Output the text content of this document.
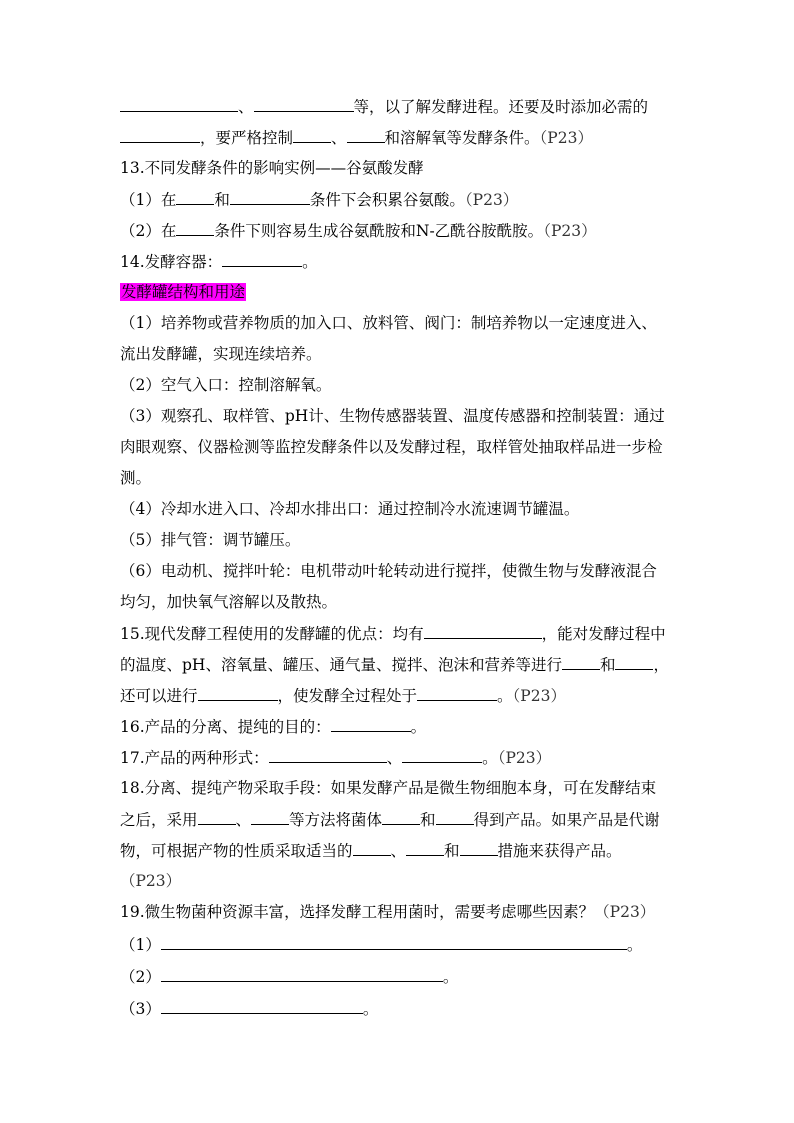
、	等，以了解发酵进程。还要及时添加必需的
，要严格控制 、 和溶解氧等发酵条件。（P23）
13.不同发酵条件的影响实例——谷氨酸发酵
（1）在 和	条件下会积累谷氨酸。（P23）
（2）在 条件下则容易生成谷氨酰胺和N-乙酰谷胺酰胺。（P23）
14.发酵容器：	。
发酵罐结构和用途
（1）培养物或营养物质的加入口、放料管、阀门：制培养物以一定速度进入、
流出发酵罐，实现连续培养。
（2）空气入口：控制溶解氧。
（3）观察孔、取样管、pH计、生物传感器装置、温度传感器和控制装置：通过
肉眼观察、仪器检测等监控发酵条件以及发酵过程，取样管处抽取样品进一步检
测。
（4）冷却水进入口、冷却水排出口：通过控制冷水流速调节罐温。
（5）排气管：调节罐压。
（6）电动机、搅拌叶轮：电机带动叶轮转动进行搅拌，使微生物与发酵液混合
均匀，加快氧气溶解以及散热。
15.现代发酵工程使用的发酵罐的优点：均有	，能对发酵过程中
的温度、pH、溶氧量、罐压、通气量、搅拌、泡沫和营养等进行 和 ，
还可以进行	，使发酵全过程处于	。（P23）
16.产品的分离、提纯的目的：	。
17.产品的两种形式：	、	。（P23）
18.分离、提纯产物采取手段：如果发酵产品是微生物细胞本身，可在发酵结束
之后，采用 、 等方法将菌体 和 得到产品。如果产品是代谢
物，可根据产物的性质采取适当的 、 和 措施来获得产品。
（P23）
19.微生物菌种资源丰富，选择发酵工程用菌时，需要考虑哪些因素？（P23）
（1）	。
（2）	。
（3）	。
